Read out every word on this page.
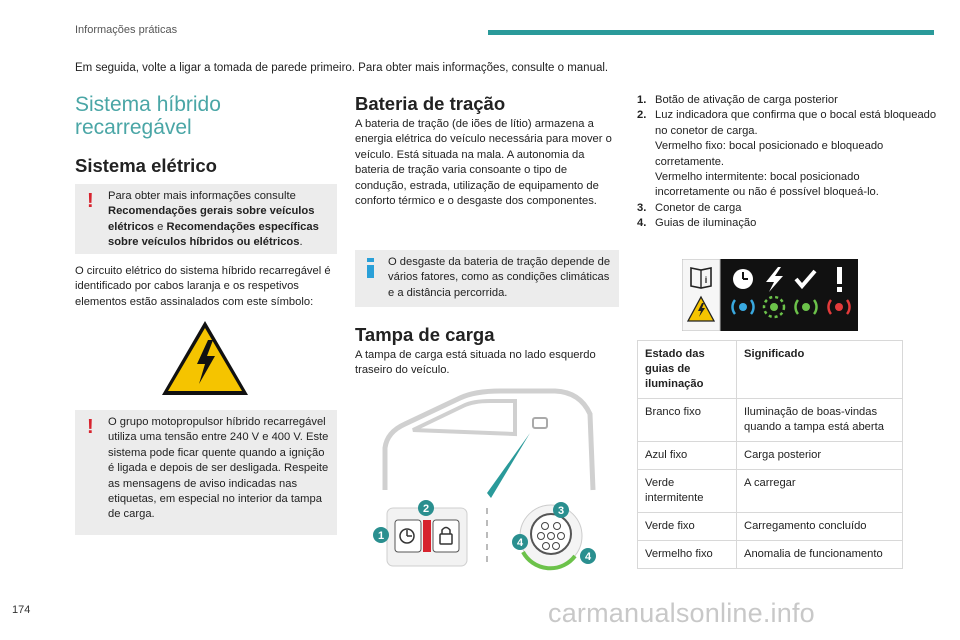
Informações práticas
Em seguida, volte a ligar a tomada de parede primeiro. Para obter mais informações, consulte o manual.
Sistema híbrido recarregável
Sistema elétrico
!	Para obter mais informações consulte
Recomendações gerais sobre veículos elétricos e Recomendações específicas sobre veículos híbridos ou elétricos.
O circuito elétrico do sistema híbrido recarregável é identificado por cabos laranja e os respetivos elementos estão assinalados com este símbolo:
!	O grupo motopropulsor híbrido recarregável utiliza uma tensão entre 240 V e 400 V. Este sistema pode ficar quente quando a ignição é ligada e depois de ser desligada. Respeite as mensagens de aviso indicadas nas etiquetas, em especial no interior da tampa de carga.
Bateria de tração
A bateria de tração (de iões de lítio) armazena a energia elétrica do veículo necessária para mover o veículo. Está situada na mala. A autonomia da bateria de tração varia consoante o tipo de condução, estrada, utilização de equipamento de conforto térmico e o desgaste dos componentes.
O desgaste da bateria de tração depende de vários fatores, como as condições climáticas e a distância percorrida.
Tampa de carga
A tampa de carga está situada no lado esquerdo traseiro do veículo.
1
2	3
4
4
1. Botão de ativação de carga posterior
2. Luz indicadora que confirma que o bocal está bloqueado no conetor de carga.
Vermelho fixo: bocal posicionado e bloqueado corretamente.
Vermelho intermitente: bocal posicionado incorretamente ou não é possível bloqueá-lo.
3. Conetor de carga
4. Guias de iluminação
i
Estado das guias de iluminação	Significado
Branco fixo	Iluminação de boas-vindas quando a tampa está aberta
Azul fixo	Carga posterior
Verde intermitente	A carregar
Verde fixo	Carregamento concluído
Vermelho fixo	Anomalia de funcionamento
174	carmanualsonline.info
